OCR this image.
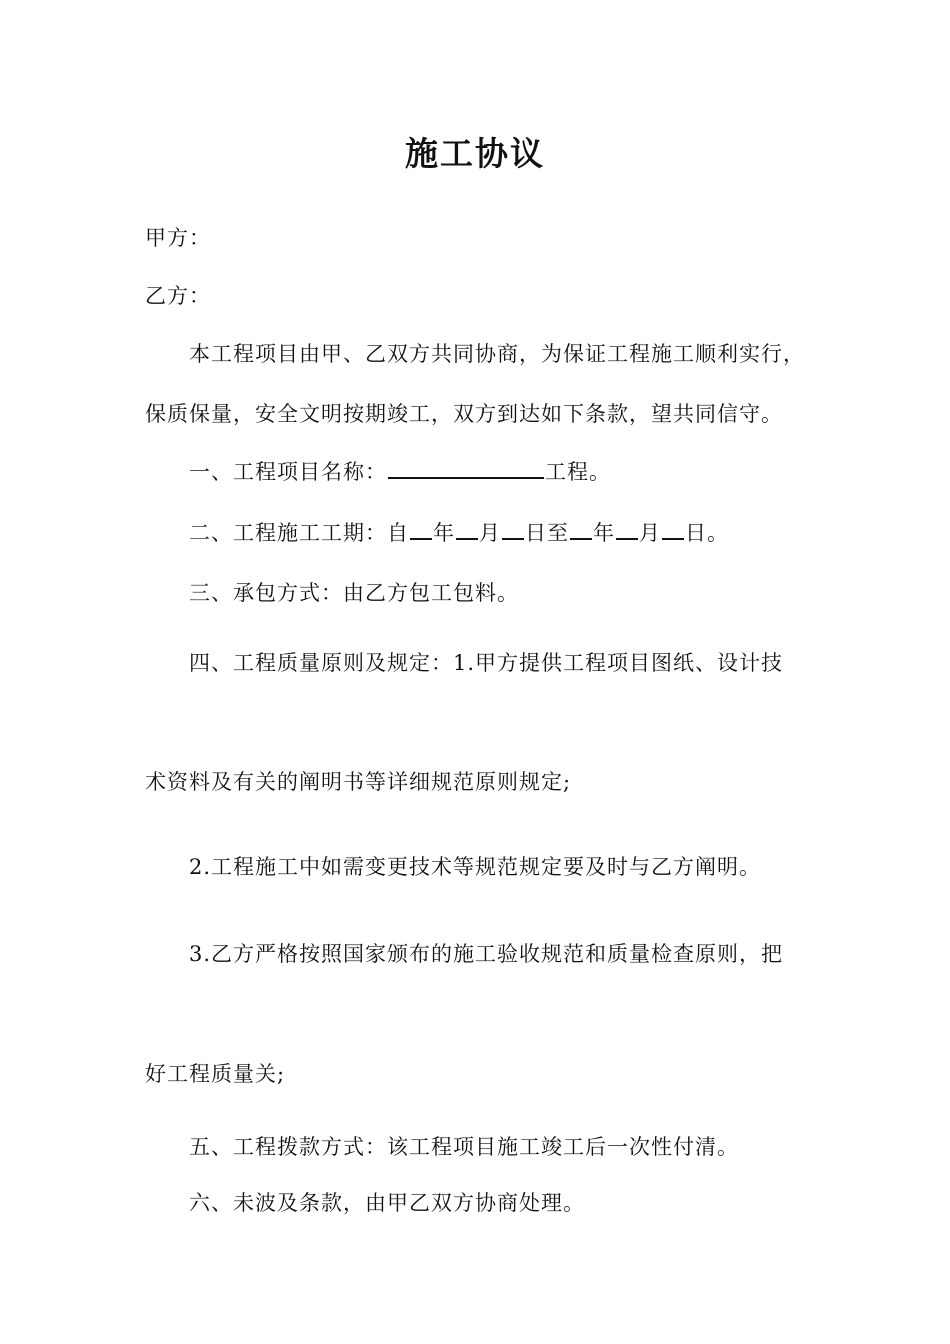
施工协议
甲方：
乙方：
本工程项目由甲、乙双方共同协商，为保证工程施工顺利实行，
保质保量，安全文明按期竣工，双方到达如下条款，望共同信守。
一、工程项目名称：	工程。
二、工程施工工期：自 年 月 日至 年 月 日。
三、承包方式：由乙方包工包料。
四、工程质量原则及规定：1.甲方提供工程项目图纸、设计技
术资料及有关的阐明书等详细规范原则规定;
2.工程施工中如需变更技术等规范规定要及时与乙方阐明。
3.乙方严格按照国家颁布的施工验收规范和质量检查原则，把
好工程质量关;
五、工程拨款方式：该工程项目施工竣工后一次性付清。
六、未波及条款，由甲乙双方协商处理。
